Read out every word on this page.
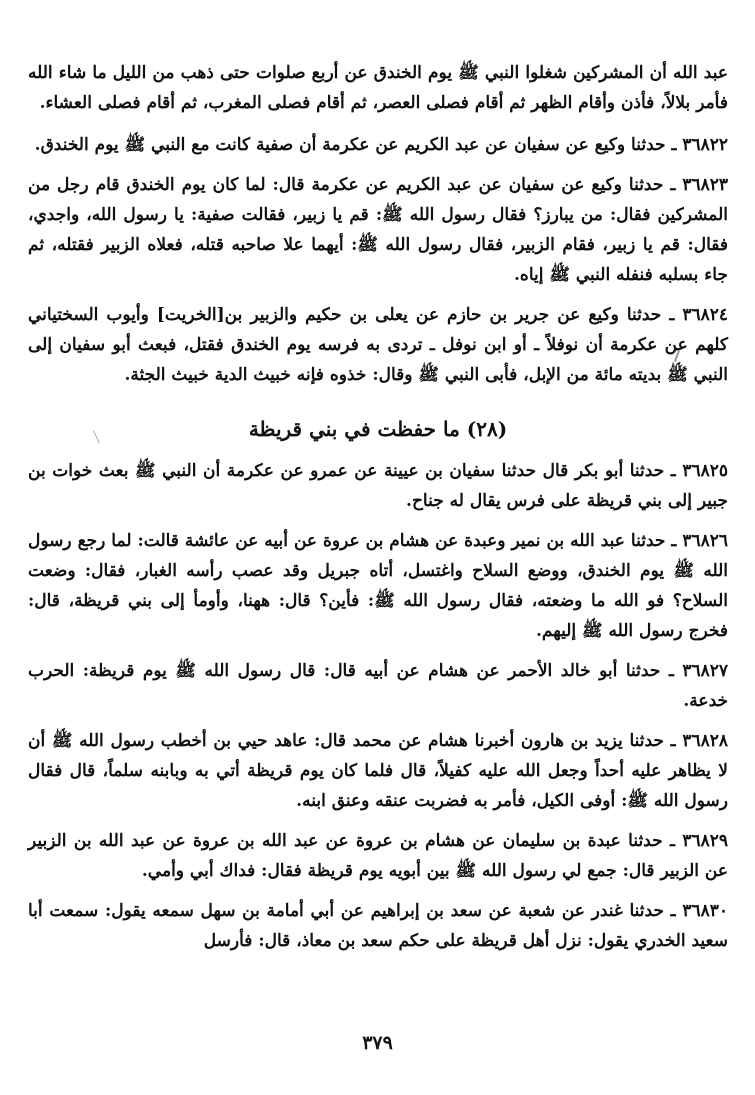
عبد الله أن المشركين شغلوا النبي ﷺ يوم الخندق عن أربع صلوات حتى ذهب من الليل ما شاء الله فأمر بلالاً، فأذن وأقام الظهر ثم أقام فصلى العصر، ثم أقام فصلى المغرب، ثم أقام فصلى العشاء.

٣٦٨٢٢ ـ حدثنا وكيع عن سفيان عن عبد الكريم عن عكرمة أن صفية كانت مع النبي ﷺ يوم الخندق.

٣٦٨٢٣ ـ حدثنا وكيع عن سفيان عن عبد الكريم عن عكرمة قال: لما كان يوم الخندق قام رجل من المشركين فقال: من يبارز؟ فقال رسول الله ﷺ: قم يا زبير، فقالت صفية: يا رسول الله، واجدي، فقال: قم يا زبير، فقام الزبير، فقال رسول الله ﷺ: أيهما علا صاحبه قتله، فعلاه الزبير فقتله، ثم جاء بسلبه فنفله النبي ﷺ إياه.

٣٦٨٢٤ ـ حدثنا وكيع عن جرير بن حازم عن يعلى بن حكيم والزبير بن[الخريت] وأيوب السختياني كلهم عن عكرمة أن نوفلاً ـ أو ابن نوفل ـ تردى به فرسه يوم الخندق فقتل، فبعث أبو سفيان إلى النبي ﷺ بديته مائة من الإبل، فأبى النبي ﷺ وقال: خذوه فإنه خبيث الدية خبيث الجثة.

(٢٨) ما حفظت في بني قريظة

٣٦٨٢٥ ـ حدثنا أبو بكر قال حدثنا سفيان بن عيينة عن عمرو عن عكرمة أن النبي ﷺ بعث خوات بن جبير إلى بني قريظة على فرس يقال له جناح.

٣٦٨٢٦ ـ حدثنا عبد الله بن نمير وعبدة عن هشام بن عروة عن أبيه عن عائشة قالت: لما رجع رسول الله ﷺ يوم الخندق، ووضع السلاح واغتسل، أتاه جبريل وقد عصب رأسه الغبار، فقال: وضعت السلاح؟ فو الله ما وضعته، فقال رسول الله ﷺ: فأين؟ قال: ههنا، وأومأ إلى بني قريظة، قال: فخرج رسول الله ﷺ إليهم.

٣٦٨٢٧ ـ حدثنا أبو خالد الأحمر عن هشام عن أبيه قال: قال رسول الله ﷺ يوم قريظة: الحرب خدعة.

٣٦٨٢٨ ـ حدثنا يزيد بن هارون أخبرنا هشام عن محمد قال: عاهد حيي بن أخطب رسول الله ﷺ أن لا يظاهر عليه أحداً وجعل الله عليه كفيلاً، قال فلما كان يوم قريظة أتي به وبابنه سلماً، قال فقال رسول الله ﷺ: أوفى الكيل، فأمر به فضربت عنقه وعنق ابنه.

٣٦٨٢٩ ـ حدثنا عبدة بن سليمان عن هشام بن عروة عن عبد الله بن عروة عن عبد الله بن الزبير عن الزبير قال: جمع لي رسول الله ﷺ بين أبويه يوم قريظة فقال: فداك أبي وأمي.

٣٦٨٣٠ ـ حدثنا غندر عن شعبة عن سعد بن إبراهيم عن أبي أمامة بن سهل سمعه يقول: سمعت أبا سعيد الخدري يقول: نزل أهل قريظة على حكم سعد بن معاذ، قال: فأرسل

٣٧٩
